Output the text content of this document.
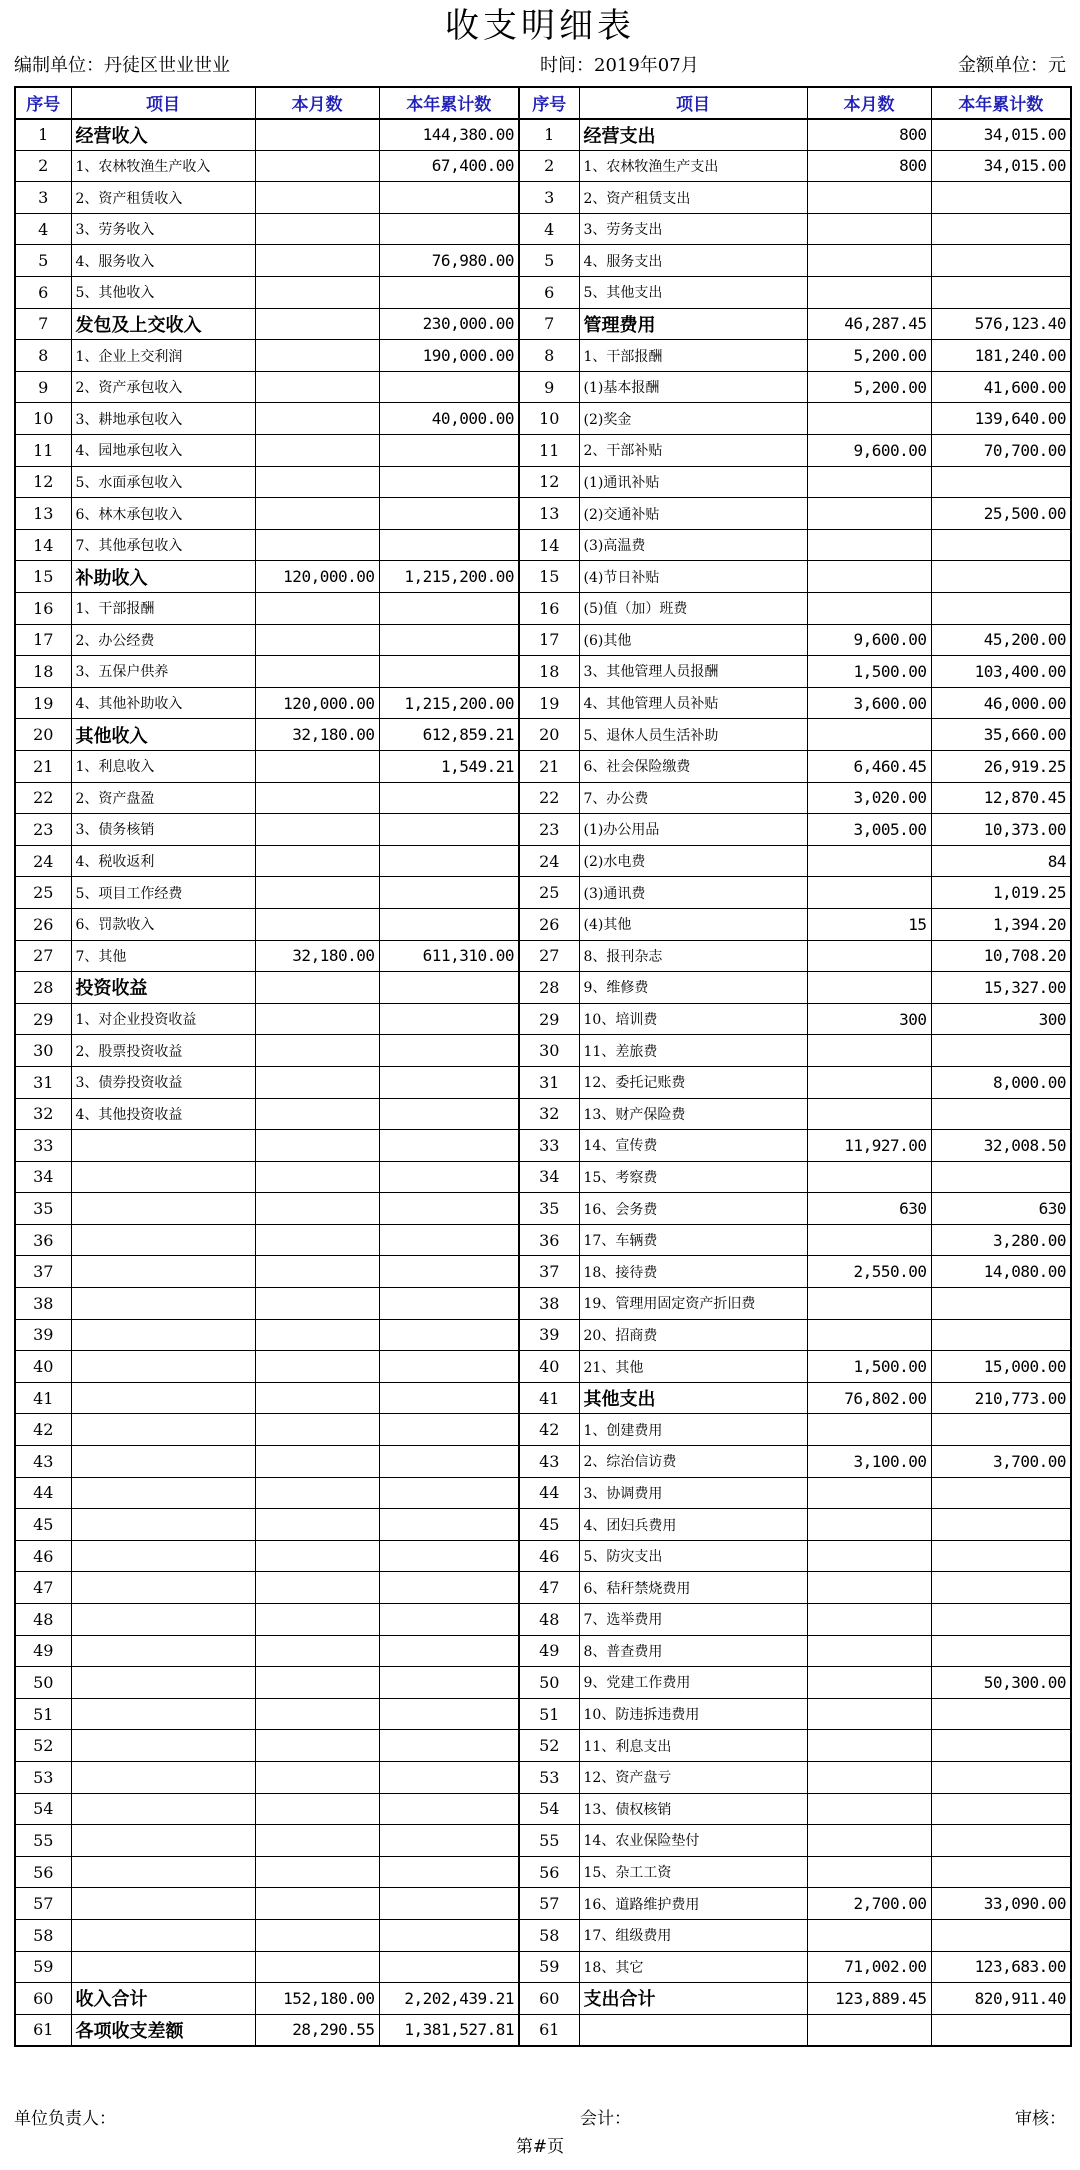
收支明细表
编制单位：丹徒区世业世业	时间：2019年07月	金额单位：元
序号	项目	本月数	本年累计数	序号	项目	本月数	本年累计数
1	经营收入		144,380.00	1	经营支出	800	34,015.00
2	1、农林牧渔生产收入		67,400.00	2	1、农林牧渔生产支出	800	34,015.00
3	2、资产租赁收入			3	2、资产租赁支出		
4	3、劳务收入			4	3、劳务支出		
5	4、服务收入		76,980.00	5	4、服务支出		
6	5、其他收入			6	5、其他支出		
7	发包及上交收入		230,000.00	7	管理费用	46,287.45	576,123.40
8	1、企业上交利润		190,000.00	8	1、干部报酬	5,200.00	181,240.00
9	2、资产承包收入			9	(1)基本报酬	5,200.00	41,600.00
10	3、耕地承包收入		40,000.00	10	(2)奖金		139,640.00
11	4、园地承包收入			11	2、干部补贴	9,600.00	70,700.00
12	5、水面承包收入			12	(1)通讯补贴		
13	6、林木承包收入			13	(2)交通补贴		25,500.00
14	7、其他承包收入			14	(3)高温费		
15	补助收入	120,000.00	1,215,200.00	15	(4)节日补贴		
16	1、干部报酬			16	(5)值（加）班费		
17	2、办公经费			17	(6)其他	9,600.00	45,200.00
18	3、五保户供养			18	3、其他管理人员报酬	1,500.00	103,400.00
19	4、其他补助收入	120,000.00	1,215,200.00	19	4、其他管理人员补贴	3,600.00	46,000.00
20	其他收入	32,180.00	612,859.21	20	5、退休人员生活补助		35,660.00
21	1、利息收入		1,549.21	21	6、社会保险缴费	6,460.45	26,919.25
22	2、资产盘盈			22	7、办公费	3,020.00	12,870.45
23	3、债务核销			23	(1)办公用品	3,005.00	10,373.00
24	4、税收返利			24	(2)水电费		84
25	5、项目工作经费			25	(3)通讯费		1,019.25
26	6、罚款收入			26	(4)其他	15	1,394.20
27	7、其他	32,180.00	611,310.00	27	8、报刊杂志		10,708.20
28	投资收益			28	9、维修费		15,327.00
29	1、对企业投资收益			29	10、培训费	300	300
30	2、股票投资收益			30	11、差旅费		
31	3、债券投资收益			31	12、委托记账费		8,000.00
32	4、其他投资收益			32	13、财产保险费		
33				33	14、宣传费	11,927.00	32,008.50
34				34	15、考察费		
35				35	16、会务费	630	630
36				36	17、车辆费		3,280.00
37				37	18、接待费	2,550.00	14,080.00
38				38	19、管理用固定资产折旧费		
39				39	20、招商费		
40				40	21、其他	1,500.00	15,000.00
41				41	其他支出	76,802.00	210,773.00
42				42	1、创建费用		
43				43	2、综治信访费	3,100.00	3,700.00
44				44	3、协调费用		
45				45	4、团妇兵费用		
46				46	5、防灾支出		
47				47	6、秸秆禁烧费用		
48				48	7、选举费用		
49				49	8、普查费用		
50				50	9、党建工作费用		50,300.00
51				51	10、防违拆违费用		
52				52	11、利息支出		
53				53	12、资产盘亏		
54				54	13、债权核销		
55				55	14、农业保险垫付		
56				56	15、杂工工资		
57				57	16、道路维护费用	2,700.00	33,090.00
58				58	17、组级费用		
59				59	18、其它	71,002.00	123,683.00
60	收入合计	152,180.00	2,202,439.21	60	支出合计	123,889.45	820,911.40
61	各项收支差额	28,290.55	1,381,527.81	61			
单位负责人：	会计：	审核：
第#页
